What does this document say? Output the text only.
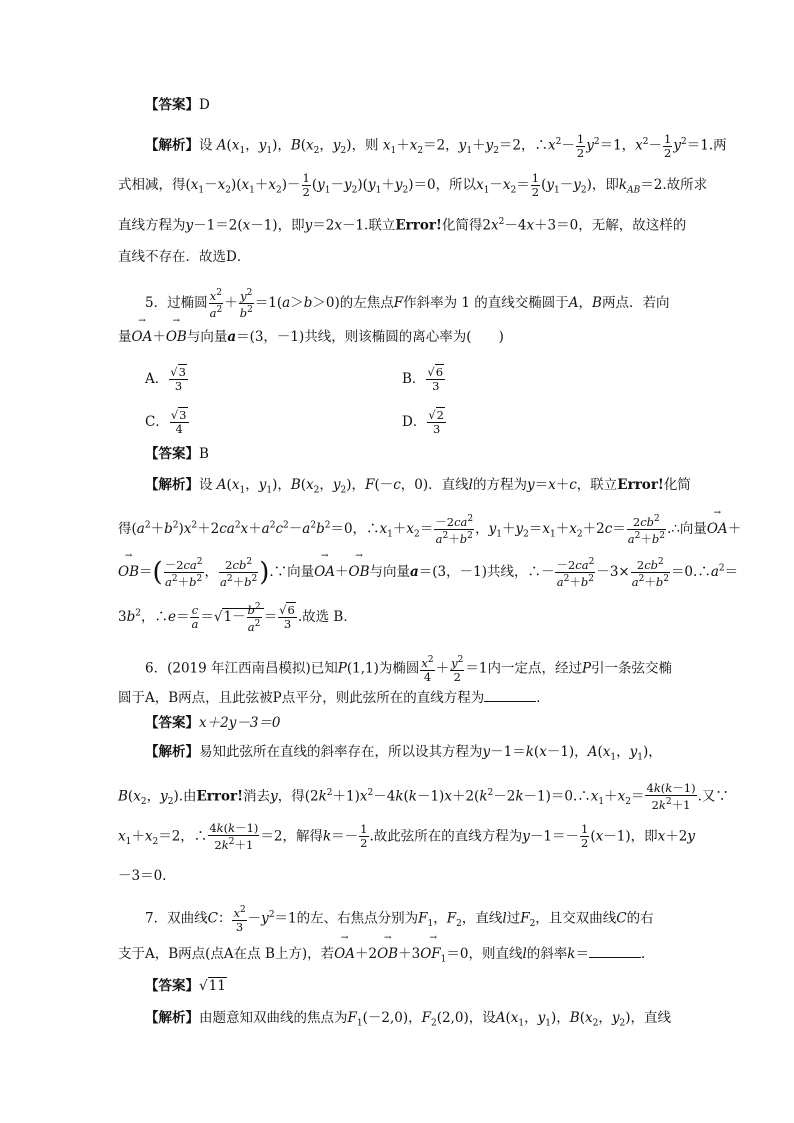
【答案】D
【解析】设 $A(x_1$，$y_1$)，$B(x_2$，$y_2$)，则 $x_1+x_2=2$，$y_1+y_2=2$，$\therefore x^2- \frac{1}{2} y^2=1$，$x^2- \frac{1}{2} y^2=1$.两
式相减，得$(x_1-x_2)(x_1+x_2)- \frac{1}{2} (y_1-y_2)(y_1+y_2)=0$，所以$x_1-x_2= \frac{1}{2} (y_1-y_2)$，即$k_{AB}=2$.故所求
直线方程为y－1＝2(x－1)，即y＝2x－1.联立Error!化简得$2x^2-4x+3=0$，无解，故这样的
直线不存在．故选D．
5．过椭圆 $\frac{x^2}{a^2} + \frac{y^2}{b^2} =1(a>b>0)$的左焦点F作斜率为 1 的直线交椭圆于A，B两点．若向
量→ OA＋→ OB与向量a＝(3，－1)共线，则该椭圆的离心率为(　　)
A． $\frac{√3}{3}$	B． $\frac{√6}{3}$
C． $\frac{√3}{4}$	D． $\frac{√2}{3}$
【答案】B
【解析】设 $A(x_1$，$y_1$)，$B(x_2$，$y_2$)，F(－c，0)．直线l的方程为y＝x＋c，联立Error!化简
得$(a^2+b^2)x^2+2ca^2x+a^2c^2-a^2b^2=0$，$\therefore x_1+x_2= \frac{-2ca^2}{a^2+b^2}$ ，$y_1+y_2=x_1+x_2+2c= \frac{2cb^2}{a^2+b^2}$ .∴向量→ OA＋
→ $OB=( \frac{-2ca^2}{a^2+b^2}$ ， $\frac{2cb^2}{a^2+b^2}$ ).∵向量→ OA＋→ OB与向量a＝(3，－1)共线，∴－ $\frac{-2ca^2}{a^2+b^2} -3\times \frac{2cb^2}{a^2+b^2}$ $=0.\therefore a^2=$
$3b^2$，∴e＝ $\frac{c}{a} =√1- \frac{b^2}{a^2} = \frac{√6}{3}$ .故选 B．
6．(2019 年江西南昌模拟)已知P(1,1)为椭圆 $\frac{x^2}{4} + \frac{y^2}{2} =1$内一定点，经过P引一条弦交椭
圆于A，B两点，且此弦被P点平分，则此弦所在的直线方程为	．
【答案】x＋2y－3＝0
【解析】易知此弦所在直线的斜率存在，所以设其方程为y－1＝k(x－1)，$A(x_1$，$y_1$)，
$B(x_2$，$y_2$).由Error!消去y，得$(2k^2+1)x^2-4k(k-1)x+2(k^2-2k-1)=0.\therefore x_1+x_2= \frac{4k(k-1)}{2k^2+1}$ .又∵
$x_1+x_2=2$，∴ $\frac{4k(k-1)}{2k^2+1} =2$，解得$k=- \frac{1}{2}$ .故此弦所在的直线方程为$y-1=- \frac{1}{2} (x-1)$，即x＋2y
－3＝0.
7．双曲线C： $\frac{x^2}{3} -y^2=1$的左、右焦点分别为$F_1$，$F_2$，直线l过$F_2$，且交双曲线C的右
支于A，B两点(点A在点 B上方)，若→ $OA+2\to OB+3\to OF_1=0$，则直线l的斜率k＝	.
【答案】√11
【解析】由题意知双曲线的焦点为$F_1(-2,0)$，$F_2(2,0)$，设$A(x_1$，$y_1$)，$B(x_2$，$y_2$)，直线
